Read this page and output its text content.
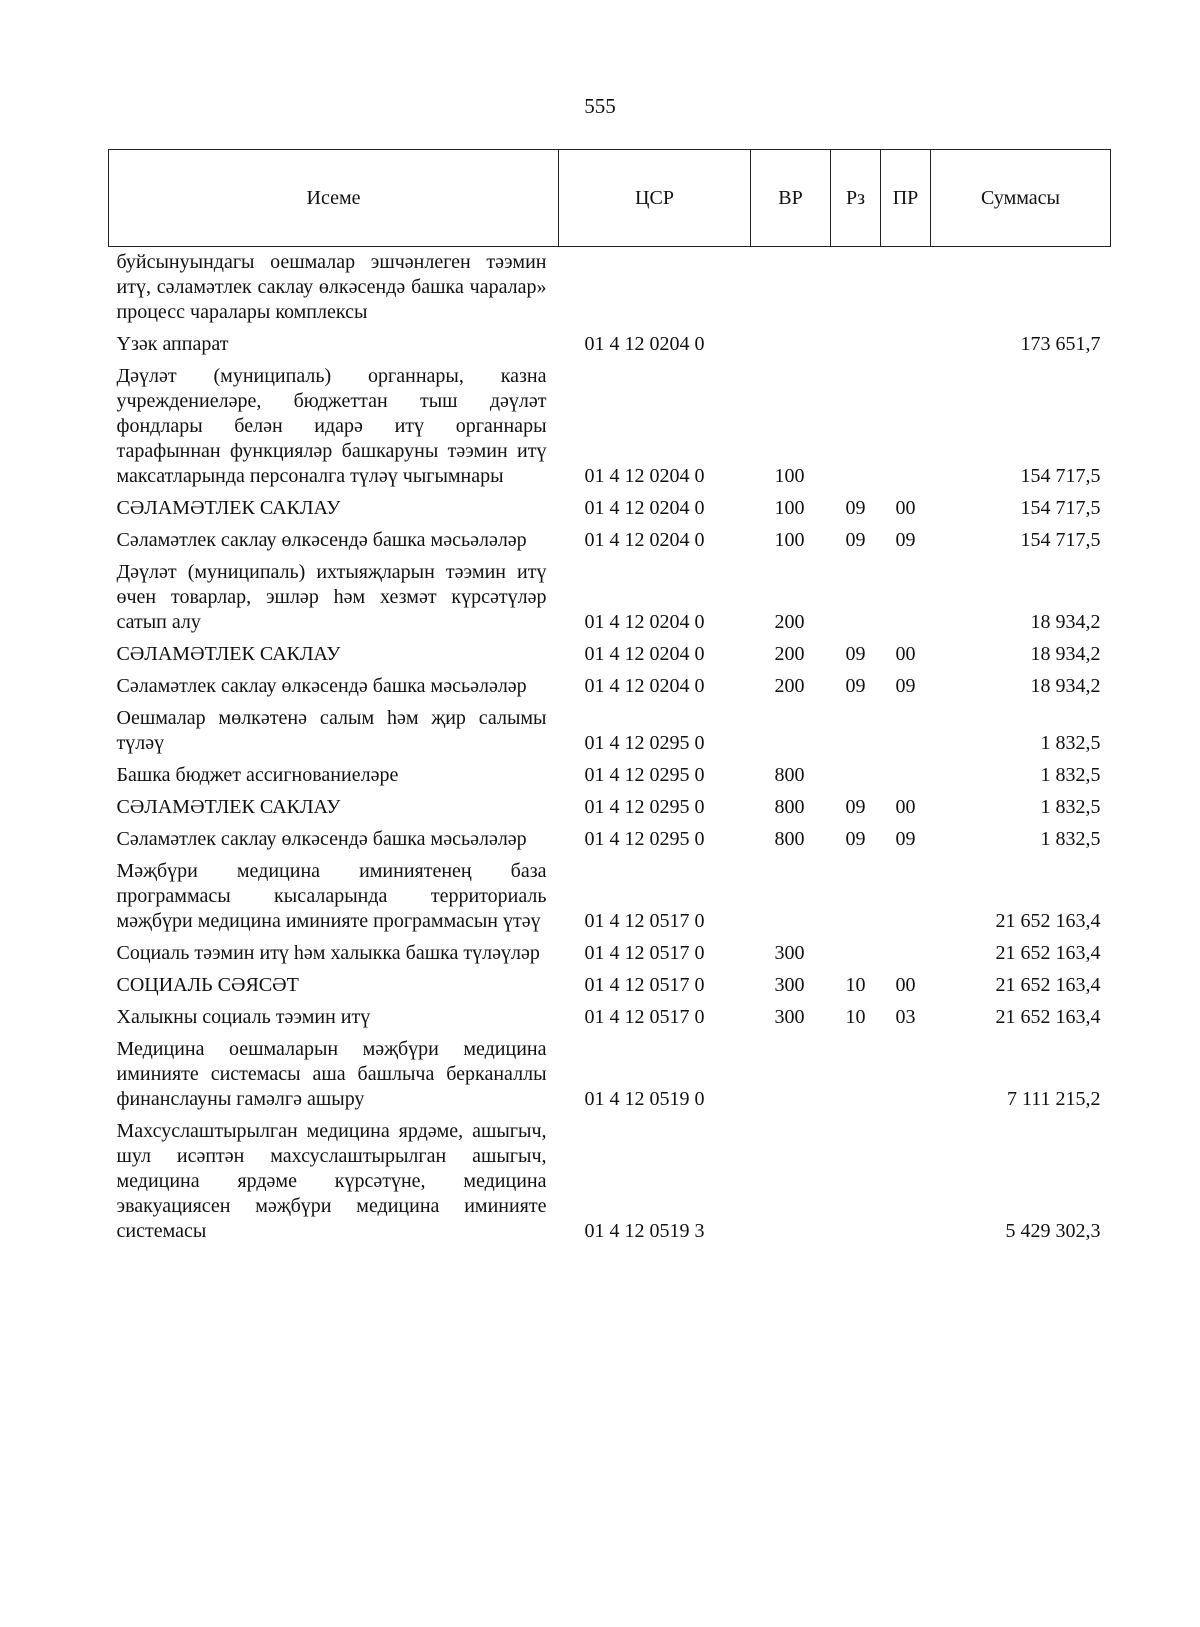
555
Исеме	ЦСР	ВР	Рз	ПР	Суммасы
буйсынуындагы оешмалар эшчәнлеген тәэмин итү, сәламәтлек саклау өлкәсендә башка чаралар» процесс чаралары комплексы					
Үзәк аппарат	01 4 12 0204 0				173 651,7
Дәүләт (муниципаль) органнары, казна учреждениеләре, бюджеттан тыш дәүләт фондлары белән идарә итү органнары тарафыннан функцияләр башкаруны тәэмин итү максатларында персоналга түләү чыгымнары	01 4 12 0204 0	100			154 717,5
СӘЛАМӘТЛЕК САКЛАУ	01 4 12 0204 0	100	09	00	154 717,5
Сәламәтлек саклау өлкәсендә башка мәсьәләләр	01 4 12 0204 0	100	09	09	154 717,5
Дәүләт (муниципаль) ихтыяҗларын тәэмин итү өчен товарлар, эшләр һәм хезмәт күрсәтүләр сатып алу	01 4 12 0204 0	200			18 934,2
СӘЛАМӘТЛЕК САКЛАУ	01 4 12 0204 0	200	09	00	18 934,2
Сәламәтлек саклау өлкәсендә башка мәсьәләләр	01 4 12 0204 0	200	09	09	18 934,2
Оешмалар мөлкәтенә салым һәм җир салымы түләү	01 4 12 0295 0				1 832,5
Башка бюджет ассигнованиеләре	01 4 12 0295 0	800			1 832,5
СӘЛАМӘТЛЕК САКЛАУ	01 4 12 0295 0	800	09	00	1 832,5
Сәламәтлек саклау өлкәсендә башка мәсьәләләр	01 4 12 0295 0	800	09	09	1 832,5
Мәҗбүри медицина иминиятенең база программасы кысаларында территориаль мәҗбүри медицина иминияте программасын үтәү	01 4 12 0517 0				21 652 163,4
Социаль тәэмин итү һәм халыкка башка түләүләр	01 4 12 0517 0	300			21 652 163,4
СОЦИАЛЬ СӘЯСӘТ	01 4 12 0517 0	300	10	00	21 652 163,4
Халыкны социаль тәэмин итү	01 4 12 0517 0	300	10	03	21 652 163,4
Медицина оешмаларын мәҗбүри медицина иминияте системасы аша башлыча берканаллы финанслауны гамәлгә ашыру	01 4 12 0519 0				7 111 215,2
Махсуслаштырылган медицина ярдәме, ашыгыч, шул исәптән махсуслаштырылган ашыгыч, медицина ярдәме күрсәтүне, медицина эвакуациясен мәҗбүри медицина иминияте системасы	01 4 12 0519 3				5 429 302,3
